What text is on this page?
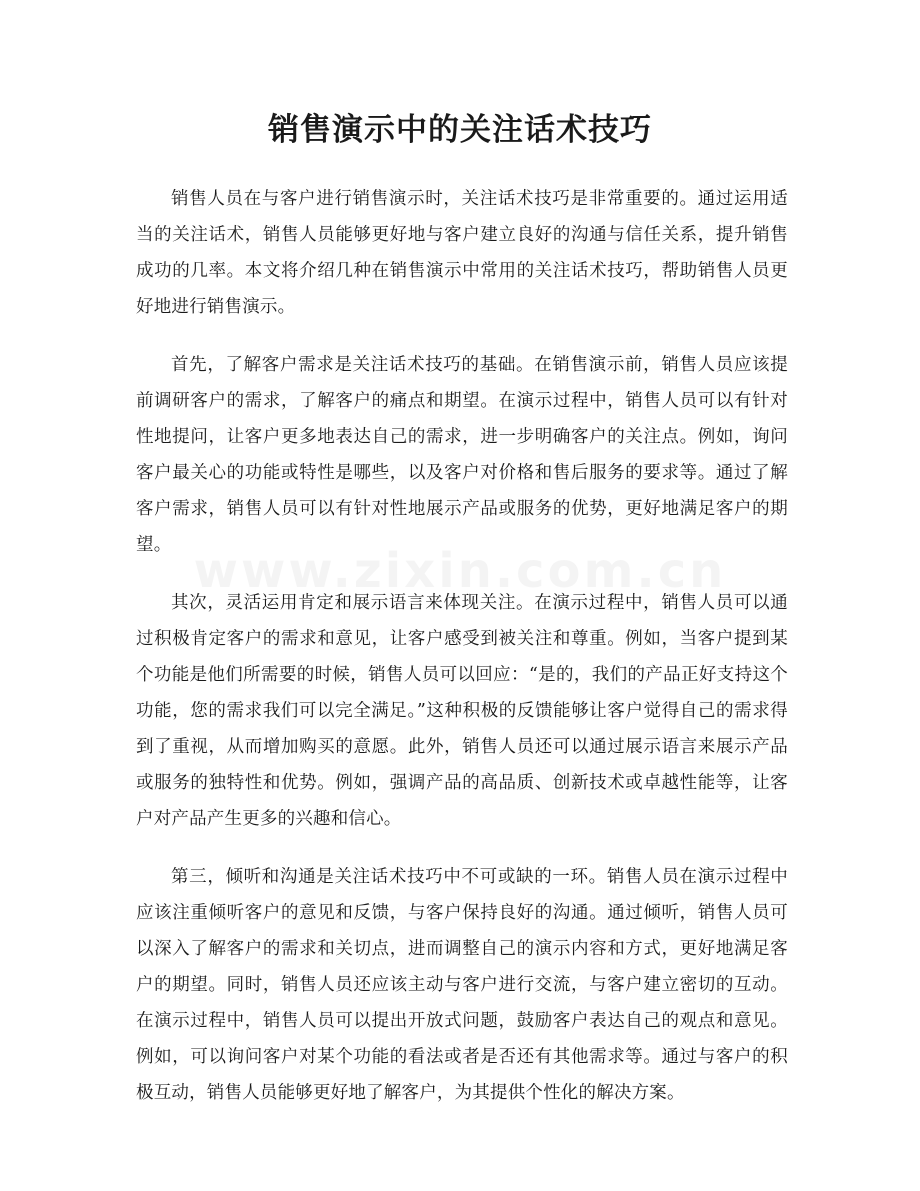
销售演示中的关注话术技巧

销售人员在与客户进行销售演示时，关注话术技巧是非常重要的。通过运用适当的关注话术，销售人员能够更好地与客户建立良好的沟通与信任关系，提升销售成功的几率。本文将介绍几种在销售演示中常用的关注话术技巧，帮助销售人员更好地进行销售演示。

首先，了解客户需求是关注话术技巧的基础。在销售演示前，销售人员应该提前调研客户的需求，了解客户的痛点和期望。在演示过程中，销售人员可以有针对性地提问，让客户更多地表达自己的需求，进一步明确客户的关注点。例如，询问客户最关心的功能或特性是哪些，以及客户对价格和售后服务的要求等。通过了解客户需求，销售人员可以有针对性地展示产品或服务的优势，更好地满足客户的期望。

其次，灵活运用肯定和展示语言来体现关注。在演示过程中，销售人员可以通过积极肯定客户的需求和意见，让客户感受到被关注和尊重。例如，当客户提到某个功能是他们所需要的时候，销售人员可以回应：“是的，我们的产品正好支持这个功能，您的需求我们可以完全满足。”这种积极的反馈能够让客户觉得自己的需求得到了重视，从而增加购买的意愿。此外，销售人员还可以通过展示语言来展示产品或服务的独特性和优势。例如，强调产品的高品质、创新技术或卓越性能等，让客户对产品产生更多的兴趣和信心。

第三，倾听和沟通是关注话术技巧中不可或缺的一环。销售人员在演示过程中应该注重倾听客户的意见和反馈，与客户保持良好的沟通。通过倾听，销售人员可以深入了解客户的需求和关切点，进而调整自己的演示内容和方式，更好地满足客户的期望。同时，销售人员还应该主动与客户进行交流，与客户建立密切的互动。在演示过程中，销售人员可以提出开放式问题，鼓励客户表达自己的观点和意见。例如，可以询问客户对某个功能的看法或者是否还有其他需求等。通过与客户的积极互动，销售人员能够更好地了解客户，为其提供个性化的解决方案。
